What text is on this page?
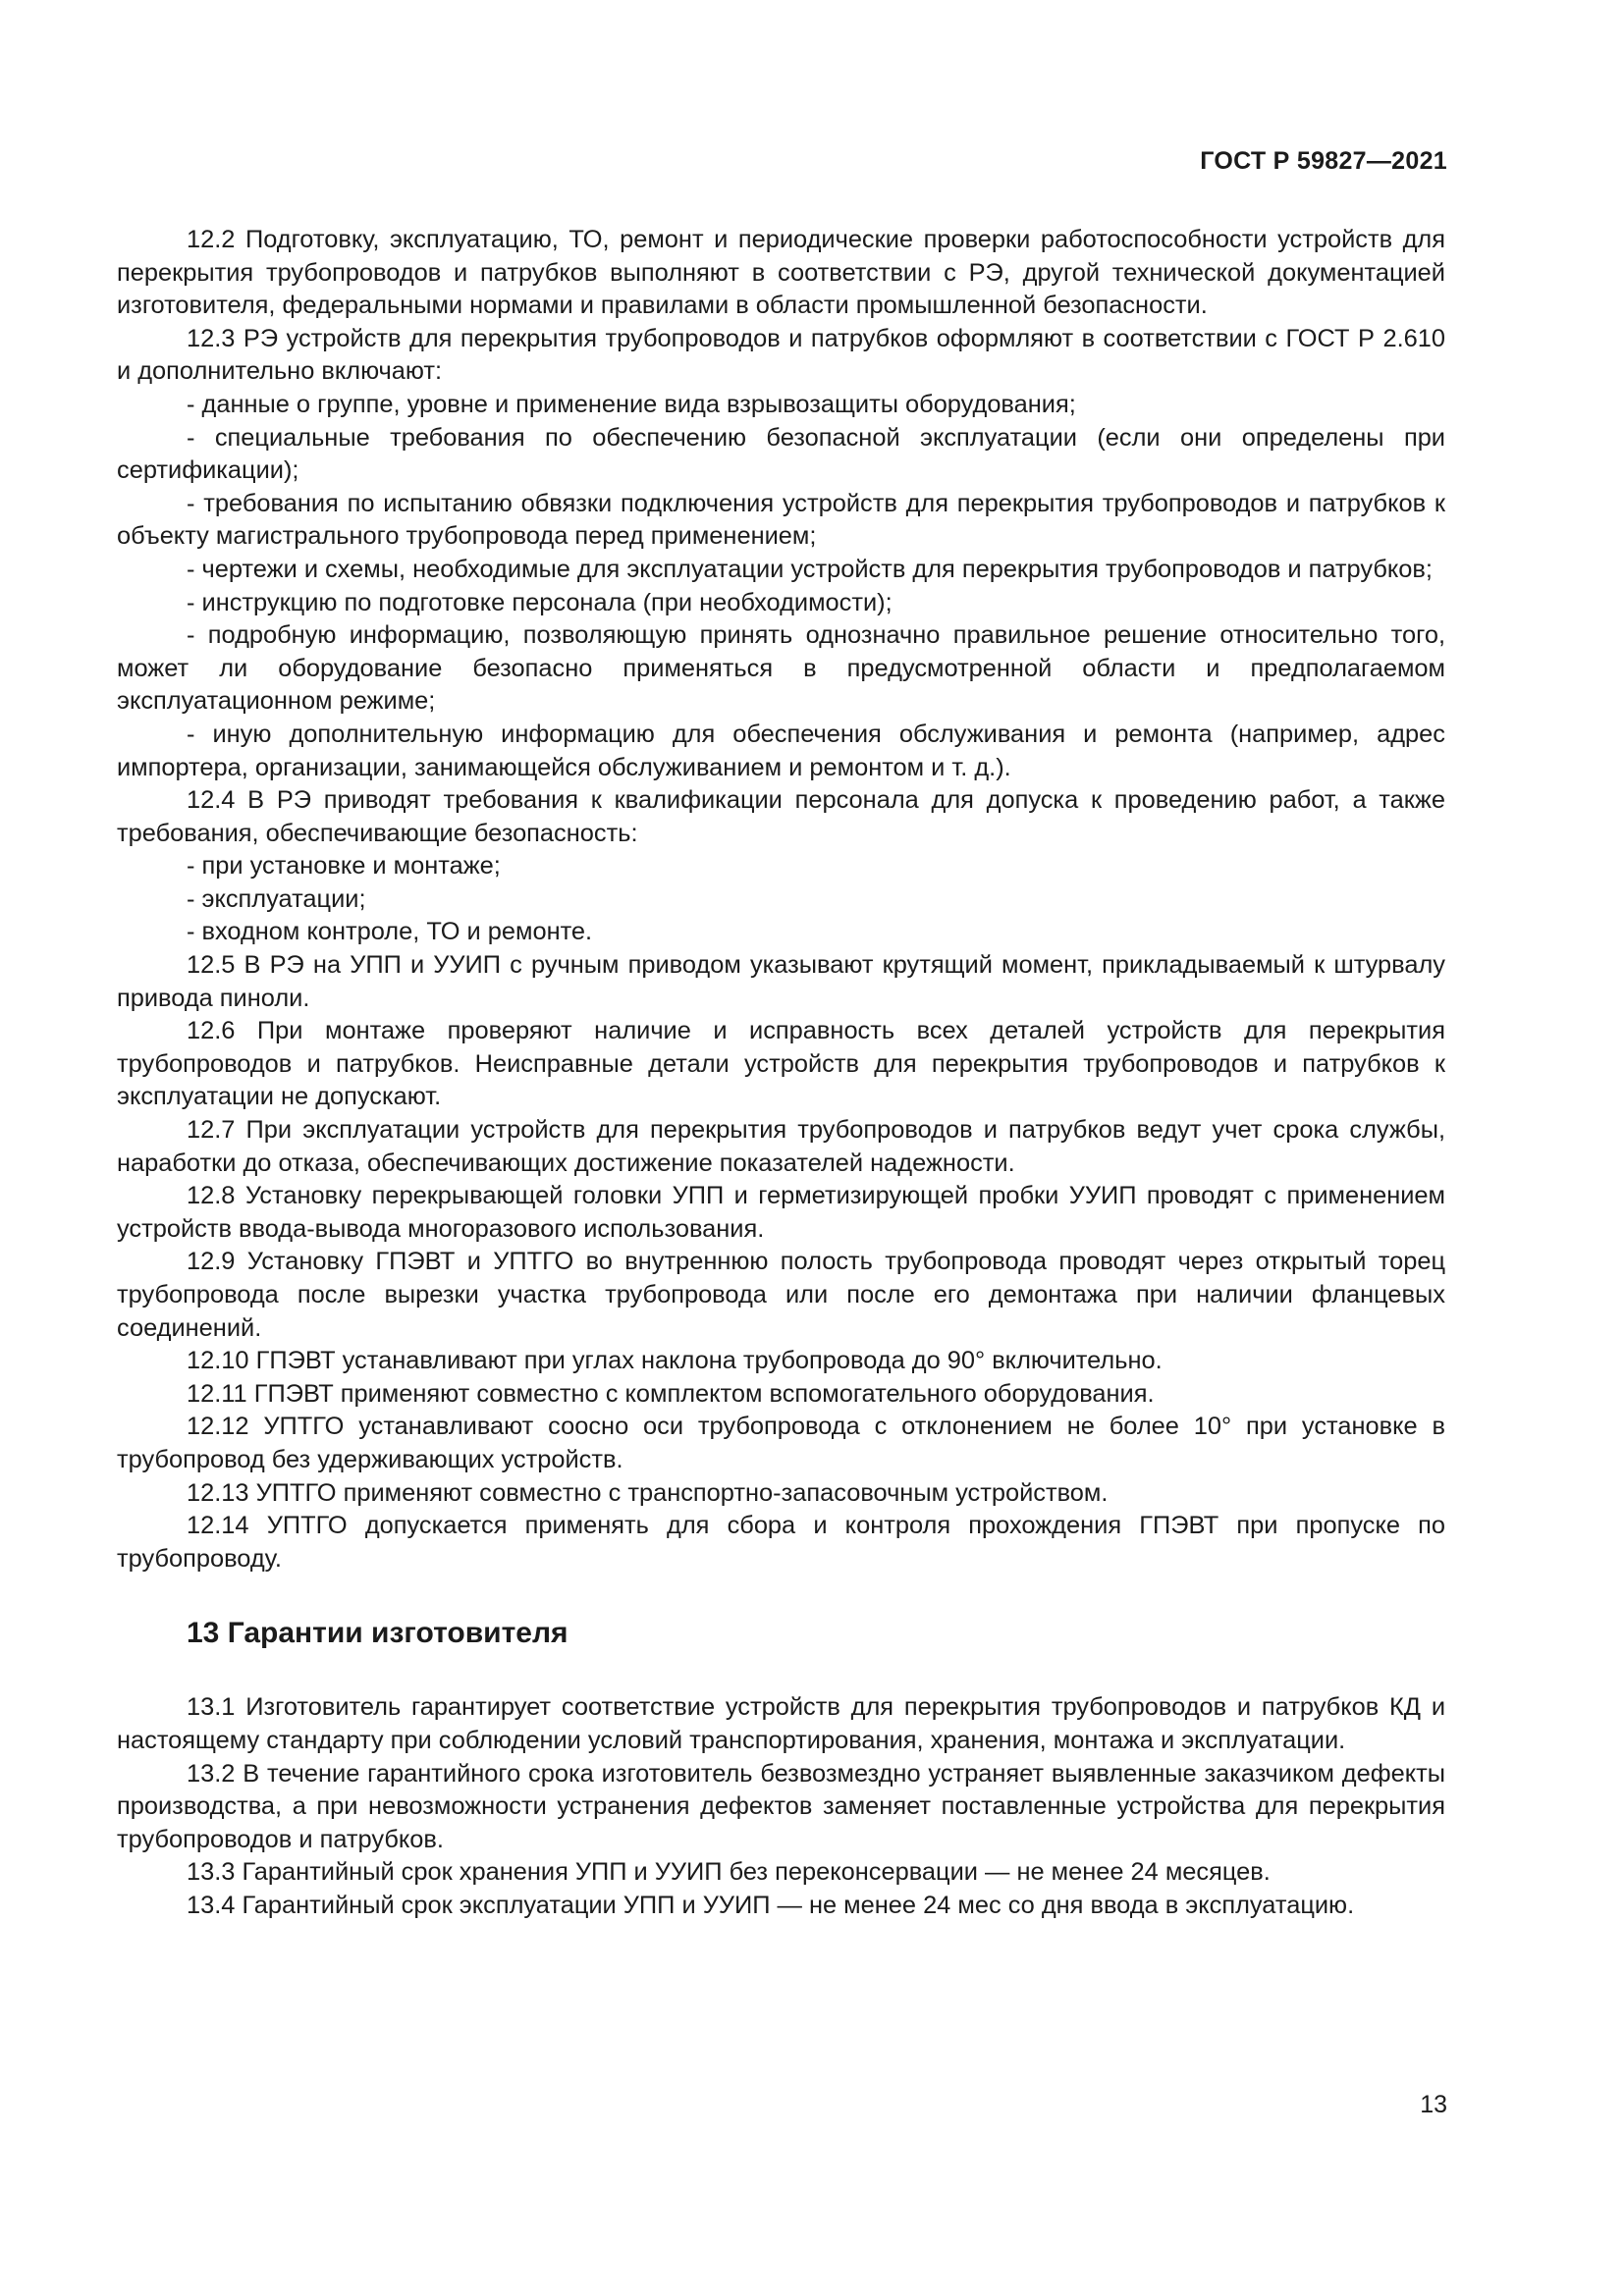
ГОСТ Р 59827—2021

12.2 Подготовку, эксплуатацию, ТО, ремонт и периодические проверки работоспособности устройств для перекрытия трубопроводов и патрубков выполняют в соответствии с РЭ, другой технической документацией изготовителя, федеральными нормами и правилами в области промышленной безопасности.

12.3 РЭ устройств для перекрытия трубопроводов и патрубков оформляют в соответствии с ГОСТ Р 2.610 и дополнительно включают:

- данные о группе, уровне и применение вида взрывозащиты оборудования;

- специальные требования по обеспечению безопасной эксплуатации (если они определены при сертификации);

- требования по испытанию обвязки подключения устройств для перекрытия трубопроводов и патрубков к объекту магистрального трубопровода перед применением;

- чертежи и схемы, необходимые для эксплуатации устройств для перекрытия трубопроводов и патрубков;

- инструкцию по подготовке персонала (при необходимости);

- подробную информацию, позволяющую принять однозначно правильное решение относительно того, может ли оборудование безопасно применяться в предусмотренной области и предполагаемом эксплуатационном режиме;

- иную дополнительную информацию для обеспечения обслуживания и ремонта (например, адрес импортера, организации, занимающейся обслуживанием и ремонтом и т. д.).

12.4 В РЭ приводят требования к квалификации персонала для допуска к проведению работ, а также требования, обеспечивающие безопасность:

- при установке и монтаже;

- эксплуатации;

- входном контроле, ТО и ремонте.

12.5 В РЭ на УПП и УУИП с ручным приводом указывают крутящий момент, прикладываемый к штурвалу привода пиноли.

12.6 При монтаже проверяют наличие и исправность всех деталей устройств для перекрытия трубопроводов и патрубков. Неисправные детали устройств для перекрытия трубопроводов и патрубков к эксплуатации не допускают.

12.7 При эксплуатации устройств для перекрытия трубопроводов и патрубков ведут учет срока службы, наработки до отказа, обеспечивающих достижение показателей надежности.

12.8 Установку перекрывающей головки УПП и герметизирующей пробки УУИП проводят с применением устройств ввода-вывода многоразового использования.

12.9 Установку ГПЭВТ и УПТГО во внутреннюю полость трубопровода проводят через открытый торец трубопровода после вырезки участка трубопровода или после его демонтажа при наличии фланцевых соединений.

12.10 ГПЭВТ устанавливают при углах наклона трубопровода до 90° включительно.

12.11 ГПЭВТ применяют совместно с комплектом вспомогательного оборудования.

12.12 УПТГО устанавливают соосно оси трубопровода с отклонением не более 10° при установке в трубопровод без удерживающих устройств.

12.13 УПТГО применяют совместно с транспортно-запасовочным устройством.

12.14 УПТГО допускается применять для сбора и контроля прохождения ГПЭВТ при пропуске по трубопроводу.

13 Гарантии изготовителя

13.1 Изготовитель гарантирует соответствие устройств для перекрытия трубопроводов и патрубков КД и настоящему стандарту при соблюдении условий транспортирования, хранения, монтажа и эксплуатации.

13.2 В течение гарантийного срока изготовитель безвозмездно устраняет выявленные заказчиком дефекты производства, а при невозможности устранения дефектов заменяет поставленные устройства для перекрытия трубопроводов и патрубков.

13.3 Гарантийный срок хранения УПП и УУИП без переконсервации — не менее 24 месяцев.

13.4 Гарантийный срок эксплуатации УПП и УУИП — не менее 24 мес со дня ввода в эксплуатацию.

13
